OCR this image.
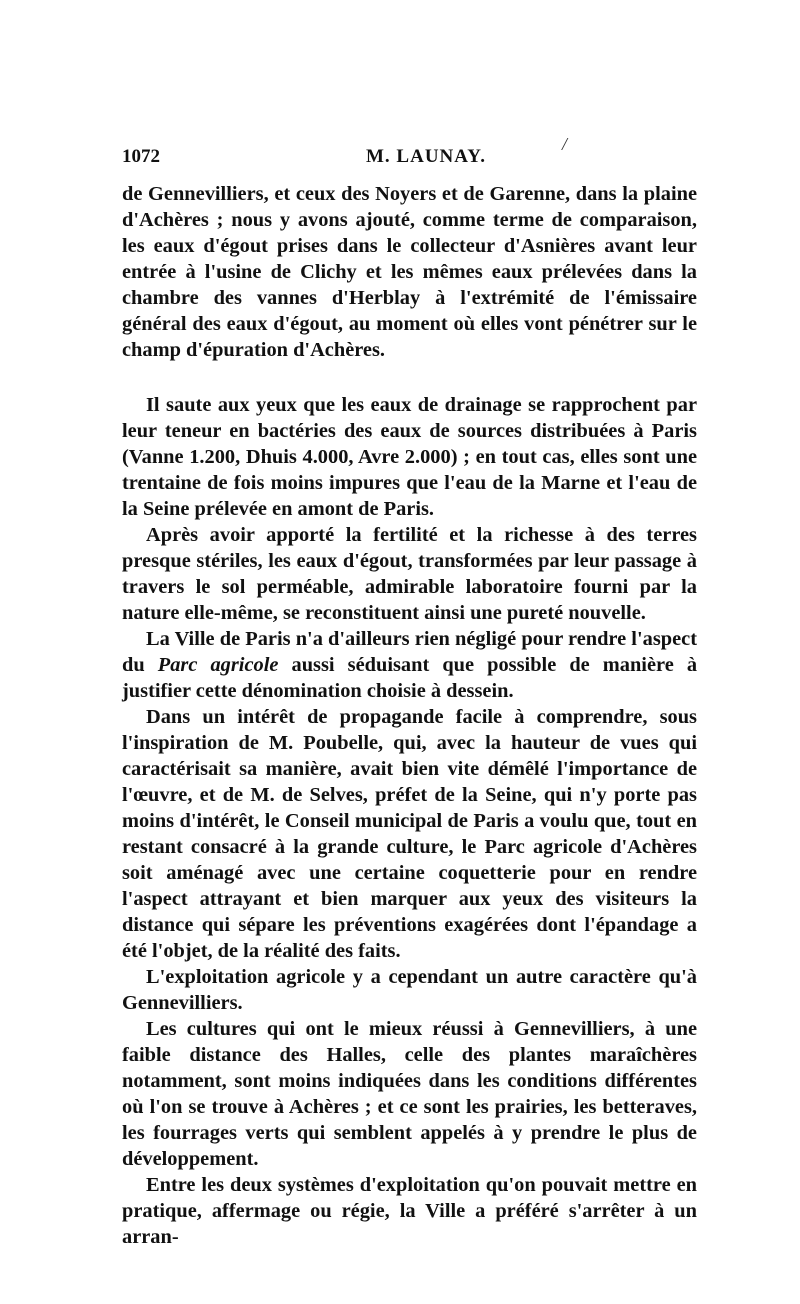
1072	M. LAUNAY.
/

de Gennevilliers, et ceux des Noyers et de Garenne, dans la plaine d'Achères ; nous y avons ajouté, comme terme de comparaison, les eaux d'égout prises dans le collecteur d'Asnières avant leur entrée à l'usine de Clichy et les mêmes eaux prélevées dans la chambre des vannes d'Herblay à l'extrémité de l'émissaire général des eaux d'égout, au moment où elles vont pénétrer sur le champ d'épuration d'Achères.

Il saute aux yeux que les eaux de drainage se rapprochent par leur teneur en bactéries des eaux de sources distribuées à Paris (Vanne 1.200, Dhuis 4.000, Avre 2.000) ; en tout cas, elles sont une trentaine de fois moins impures que l'eau de la Marne et l'eau de la Seine prélevée en amont de Paris.

Après avoir apporté la fertilité et la richesse à des terres presque stériles, les eaux d'égout, transformées par leur passage à travers le sol perméable, admirable laboratoire fourni par la nature elle-même, se reconstituent ainsi une pureté nouvelle.

La Ville de Paris n'a d'ailleurs rien négligé pour rendre l'aspect du Parc agricole aussi séduisant que possible de manière à justifier cette dénomination choisie à dessein.

Dans un intérêt de propagande facile à comprendre, sous l'inspiration de M. Poubelle, qui, avec la hauteur de vues qui caractérisait sa manière, avait bien vite démêlé l'importance de l'œuvre, et de M. de Selves, préfet de la Seine, qui n'y porte pas moins d'intérêt, le Conseil municipal de Paris a voulu que, tout en restant consacré à la grande culture, le Parc agricole d'Achères soit aménagé avec une certaine coquetterie pour en rendre l'aspect attrayant et bien marquer aux yeux des visiteurs la distance qui sépare les préventions exagérées dont l'épandage a été l'objet, de la réalité des faits.

L'exploitation agricole y a cependant un autre caractère qu'à Gennevilliers.

Les cultures qui ont le mieux réussi à Gennevilliers, à une faible distance des Halles, celle des plantes maraîchères notamment, sont moins indiquées dans les conditions différentes où l'on se trouve à Achères ; et ce sont les prairies, les betteraves, les fourrages verts qui semblent appelés à y prendre le plus de développement.

Entre les deux systèmes d'exploitation qu'on pouvait mettre en pratique, affermage ou régie, la Ville a préféré s'arrêter à un arran-
